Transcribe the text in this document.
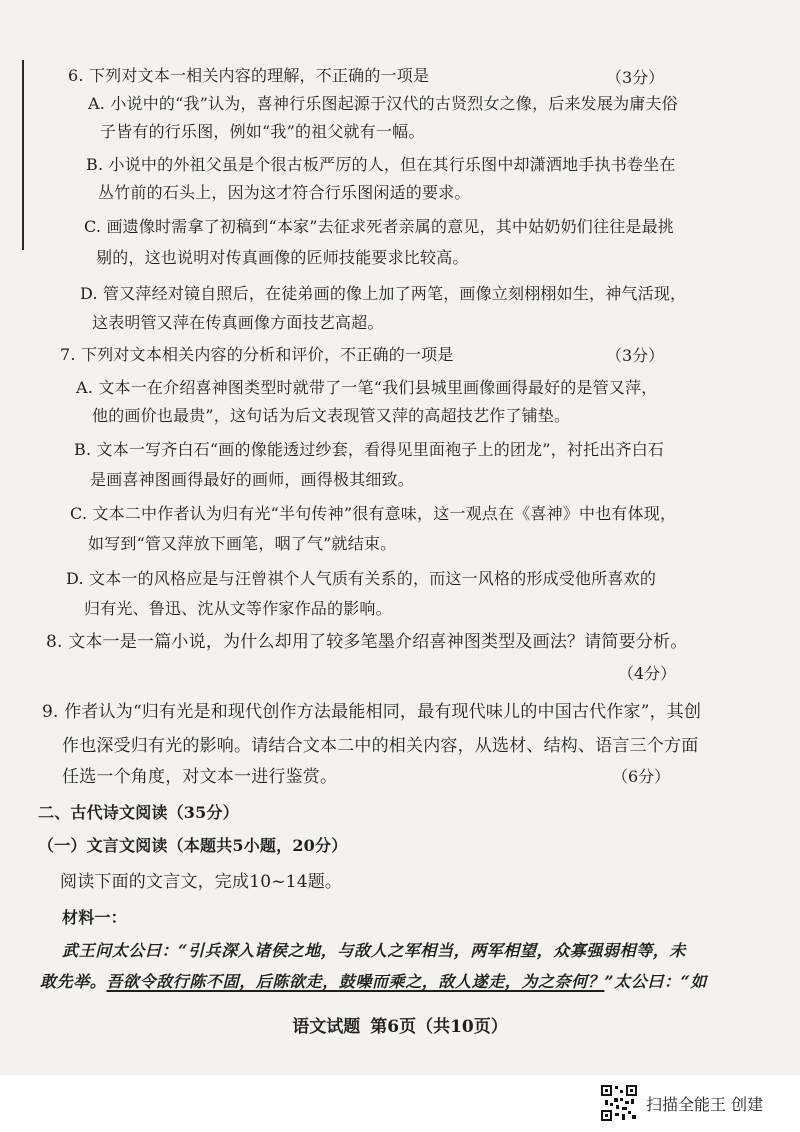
6. 下列对文本一相关内容的理解，不正确的一项是	（3分）
A. 小说中的“我”认为，喜神行乐图起源于汉代的古贤烈女之像，后来发展为庸夫俗
子皆有的行乐图，例如“我”的祖父就有一幅。
B. 小说中的外祖父虽是个很古板严厉的人，但在其行乐图中却潇洒地手执书卷坐在
丛竹前的石头上，因为这才符合行乐图闲适的要求。
C. 画遗像时需拿了初稿到“本家”去征求死者亲属的意见，其中姑奶奶们往往是最挑
剔的，这也说明对传真画像的匠师技能要求比较高。
D. 管又萍经对镜自照后，在徒弟画的像上加了两笔，画像立刻栩栩如生，神气活现，
这表明管又萍在传真画像方面技艺高超。
7. 下列对文本相关内容的分析和评价，不正确的一项是	（3分）
A. 文本一在介绍喜神图类型时就带了一笔“我们县城里画像画得最好的是管又萍，
他的画价也最贵”，这句话为后文表现管又萍的高超技艺作了铺垫。
B. 文本一写齐白石“画的像能透过纱套，看得见里面袍子上的团龙”，衬托出齐白石
是画喜神图画得最好的画师，画得极其细致。
C. 文本二中作者认为归有光“半句传神”很有意味，这一观点在《喜神》中也有体现，
如写到“管又萍放下画笔，咽了气”就结束。
D. 文本一的风格应是与汪曾祺个人气质有关系的，而这一风格的形成受他所喜欢的
归有光、鲁迅、沈从文等作家作品的影响。
8. 文本一是一篇小说，为什么却用了较多笔墨介绍喜神图类型及画法？请简要分析。
（4分）
9. 作者认为“归有光是和现代创作方法最能相同，最有现代味儿的中国古代作家”，其创
作也深受归有光的影响。请结合文本二中的相关内容，从选材、结构、语言三个方面
任选一个角度，对文本一进行鉴赏。	（6分）
二、古代诗文阅读（35分）
（一）文言文阅读（本题共5小题，20分）
阅读下面的文言文，完成10~14题。
材料一：
武王问太公曰：“引兵深入诸侯之地，与敌人之军相当，两军相望，众寡强弱相等，未
敢先举。吾欲令敌行陈不固，后陈欲走，鼓噪而乘之，敌人遂走，为之奈何？”太公曰：“如
语文试题 第6页（共10页）
扫描全能王 创建
